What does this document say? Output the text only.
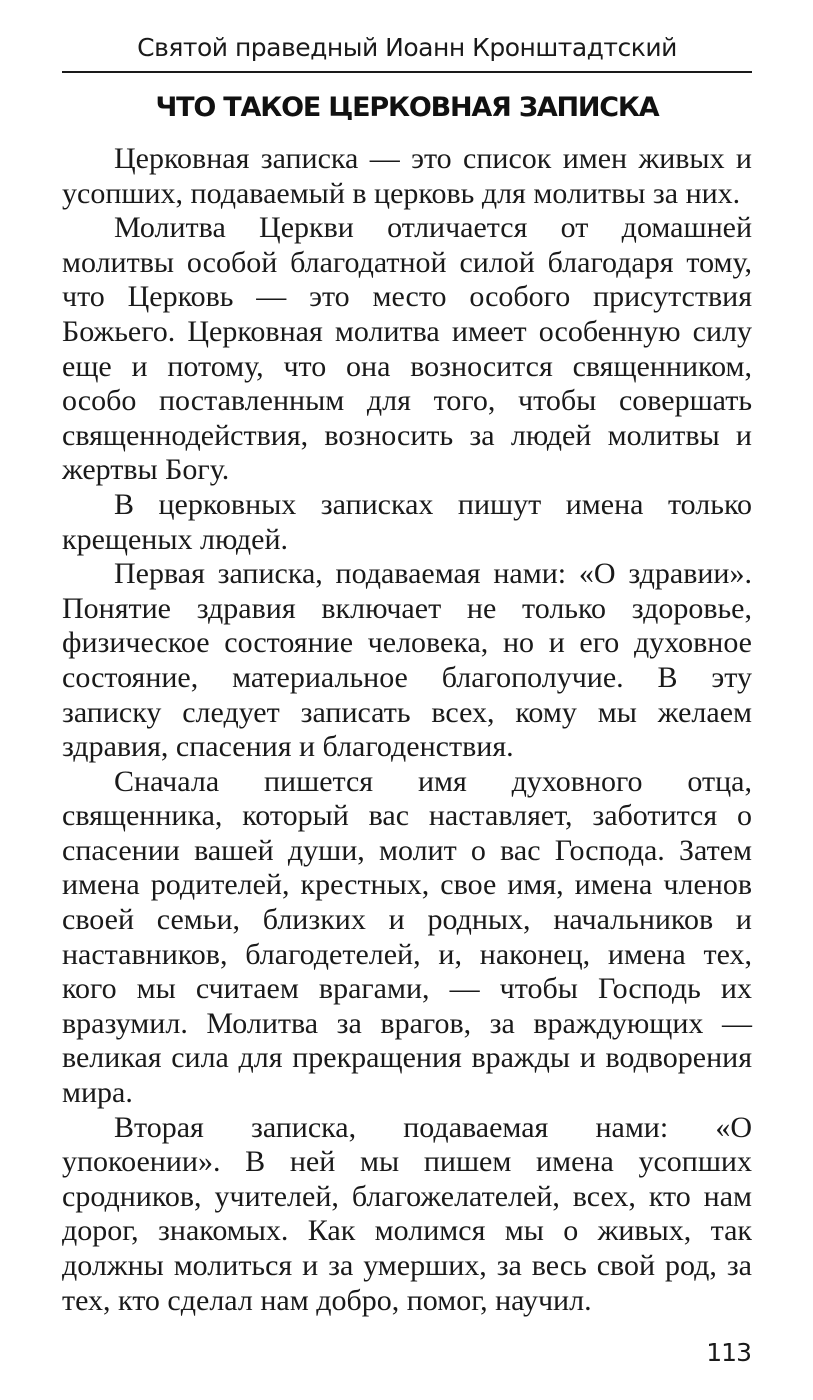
Святой праведный Иоанн Кронштадтский
ЧТО ТАКОЕ ЦЕРКОВНАЯ ЗАПИСКА

Церковная записка — это список имен живых и усопших, подаваемый в церковь для молитвы за них.

Молитва Церкви отличается от домашней молитвы особой благодатной силой благодаря тому, что Церковь — это место особого присутствия Божьего. Церковная молитва имеет особенную силу еще и потому, что она возносится священником, особо поставленным для того, чтобы совершать священнодействия, возносить за людей молитвы и жертвы Богу.

В церковных записках пишут имена только крещеных людей.

Первая записка, подаваемая нами: «О здравии». Понятие здравия включает не только здоровье, физическое состояние человека, но и его духовное состояние, материальное благополучие. В эту записку следует записать всех, кому мы желаем здравия, спасения и благоденствия.

Сначала пишется имя духовного отца, священника, который вас наставляет, заботится о спасении вашей души, молит о вас Господа. Затем имена родителей, крестных, свое имя, имена членов своей семьи, близких и родных, начальников и наставников, благодетелей, и, наконец, имена тех, кого мы считаем врагами, — чтобы Господь их вразумил. Молитва за врагов, за враждующих — великая сила для прекращения вражды и водворения мира.

Вторая записка, подаваемая нами: «О упокоении». В ней мы пишем имена усопших сродников, учителей, благожелателей, всех, кто нам дорог, знакомых. Как молимся мы о живых, так должны молиться и за умерших, за весь свой род, за тех, кто сделал нам добро, помог, научил.

113
